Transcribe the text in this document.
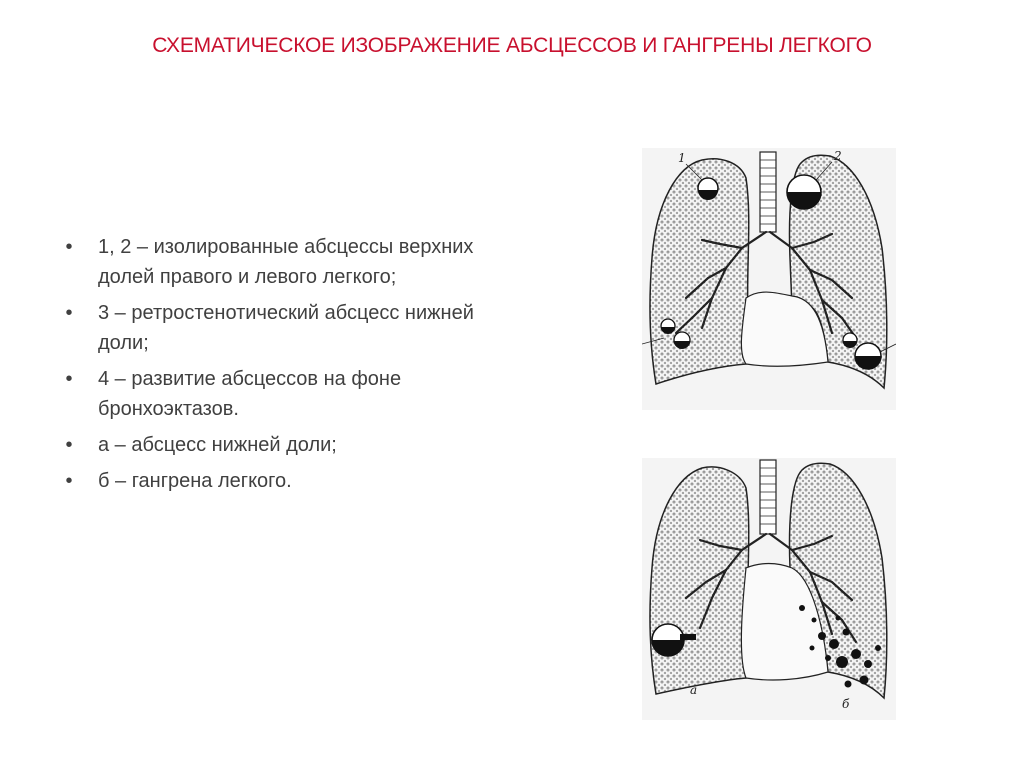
СХЕМАТИЧЕСКОЕ ИЗОБРАЖЕНИЕ АБСЦЕССОВ И ГАНГРЕНЫ ЛЕГКОГО
• 1, 2 – изолированные абсцессы верхних долей правого и левого легкого;
• 3 – ретростенотический абсцесс нижней доли;
• 4 – развитие абсцессов на фоне бронхоэктазов.
• а – абсцесс нижней доли;
• б – гангрена легкого.
1	2
а
б
